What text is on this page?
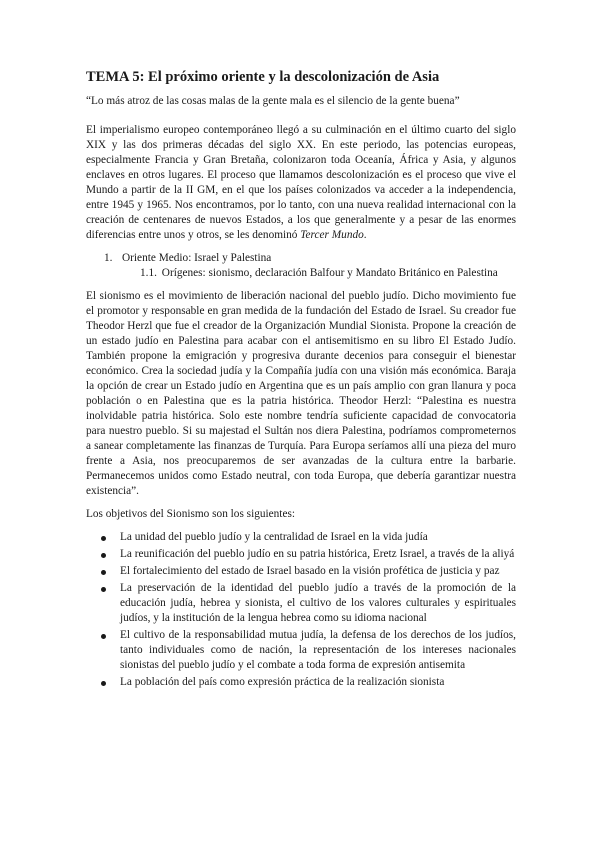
TEMA 5: El próximo oriente y la descolonización de Asia
“Lo más atroz de las cosas malas de la gente mala es el silencio de la gente buena”

El imperialismo europeo contemporáneo llegó a su culminación en el último cuarto del siglo XIX y las dos primeras décadas del siglo XX. En este periodo, las potencias europeas, especialmente Francia y Gran Bretaña, colonizaron toda Oceanía, África y Asia, y algunos enclaves en otros lugares. El proceso que llamamos descolonización es el proceso que vive el Mundo a partir de la II GM, en el que los países colonizados va acceder a la independencia, entre 1945 y 1965. Nos encontramos, por lo tanto, con una nueva realidad internacional con la creación de centenares de nuevos Estados, a los que generalmente y a pesar de las enormes diferencias entre unos y otros, se les denominó Tercer Mundo.

1. Oriente Medio: Israel y Palestina
1.1. Orígenes: sionismo, declaración Balfour y Mandato Británico en Palestina

El sionismo es el movimiento de liberación nacional del pueblo judío. Dicho movimiento fue el promotor y responsable en gran medida de la fundación del Estado de Israel. Su creador fue Theodor Herzl que fue el creador de la Organización Mundial Sionista. Propone la creación de un estado judío en Palestina para acabar con el antisemitismo en su libro El Estado Judío. También propone la emigración y progresiva durante decenios para conseguir el bienestar económico. Crea la sociedad judía y la Compañía judía con una visión más económica. Baraja la opción de crear un Estado judío en Argentina que es un país amplio con gran llanura y poca población o en Palestina que es la patria histórica. Theodor Herzl: “Palestina es nuestra inolvidable patria histórica. Solo este nombre tendría suficiente capacidad de convocatoria para nuestro pueblo. Si su majestad el Sultán nos diera Palestina, podríamos comprometernos a sanear completamente las finanzas de Turquía. Para Europa seríamos allí una pieza del muro frente a Asia, nos preocuparemos de ser avanzadas de la cultura entre la barbarie. Permanecemos unidos como Estado neutral, con toda Europa, que debería garantizar nuestra existencia”.

Los objetivos del Sionismo son los siguientes:

La unidad del pueblo judío y la centralidad de Israel en la vida judía
La reunificación del pueblo judío en su patria histórica, Eretz Israel, a través de la aliyá
El fortalecimiento del estado de Israel basado en la visión profética de justicia y paz
La preservación de la identidad del pueblo judío a través de la promoción de la educación judía, hebrea y sionista, el cultivo de los valores culturales y espirituales judíos, y la institución de la lengua hebrea como su idioma nacional
El cultivo de la responsabilidad mutua judía, la defensa de los derechos de los judíos, tanto individuales como de nación, la representación de los intereses nacionales sionistas del pueblo judío y el combate a toda forma de expresión antisemita
La población del país como expresión práctica de la realización sionista
